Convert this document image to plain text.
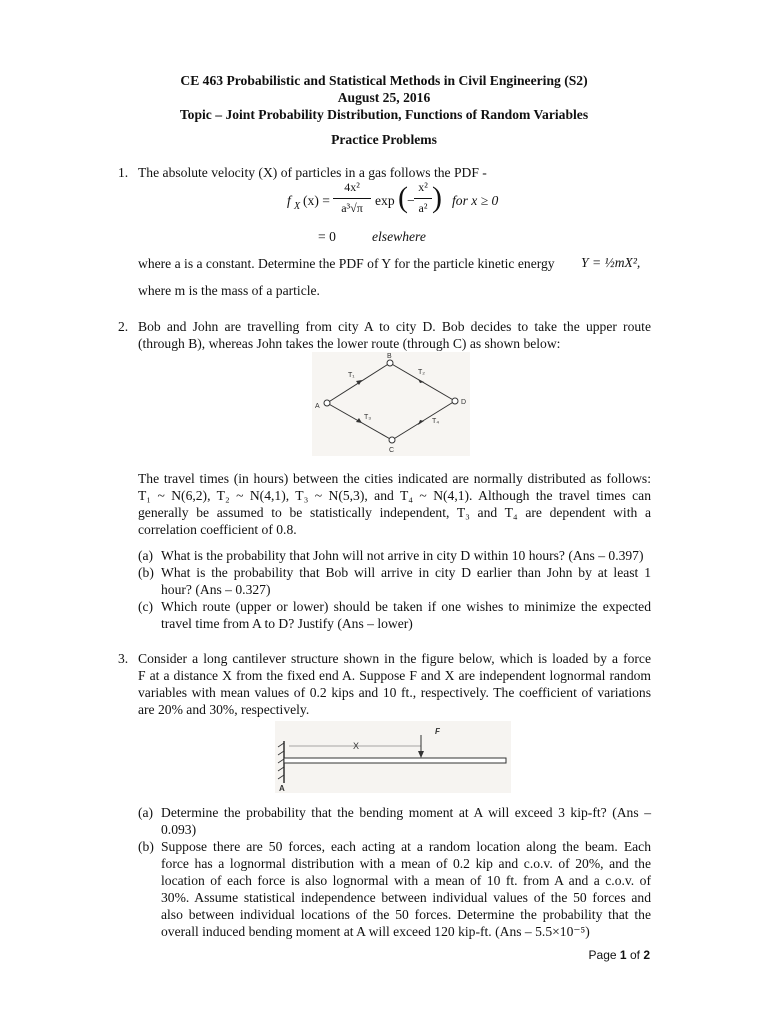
CE 463 Probabilistic and Statistical Methods in Civil Engineering (S2)
August 25, 2016
Topic – Joint Probability Distribution, Functions of Random Variables
Practice Problems
1. The absolute velocity (X) of particles in a gas follows the PDF -
f X (x) =
4x²
a³√π exp ( −
x²
a² ) for x ≥ 0
= 0	elsewhere
where a is a constant. Determine the PDF of Y for the particle kinetic energy Y = ½mX²,
where m is the mass of a particle.
2. Bob and John are travelling from city A to city D. Bob decides to take the upper route
(through B), whereas John takes the lower route (through C) as shown below:
A
B
C
D
T₁	T₂
T₃
T₄
The travel times (in hours) between the cities indicated are normally distributed as follows:
T₁ ~ N(6,2), T₂ ~ N(4,1), T₃ ~ N(5,3), and T₄ ~ N(4,1). Although the travel times can
generally be assumed to be statistically independent, T₃ and T₄ are dependent with a
correlation coefficient of 0.8.
(a) What is the probability that John will not arrive in city D within 10 hours? (Ans – 0.397)
(b) What is the probability that Bob will arrive in city D earlier than John by at least 1
hour? (Ans – 0.327)
(c) Which route (upper or lower) should be taken if one wishes to minimize the expected
travel time from A to D? Justify (Ans – lower)
3. Consider a long cantilever structure shown in the figure below, which is loaded by a force
F at a distance X from the fixed end A. Suppose F and X are independent lognormal random
variables with mean values of 0.2 kips and 10 ft., respectively. The coefficient of variations
are 20% and 30%, respectively.
X
F
A
(a) Determine the probability that the bending moment at A will exceed 3 kip-ft? (Ans –
0.093)
(b) Suppose there are 50 forces, each acting at a random location along the beam. Each
force has a lognormal distribution with a mean of 0.2 kip and c.o.v. of 20%, and the
location of each force is also lognormal with a mean of 10 ft. from A and a c.o.v. of
30%. Assume statistical independence between individual values of the 50 forces and
also between individual locations of the 50 forces. Determine the probability that the
overall induced bending moment at A will exceed 120 kip-ft. (Ans – 5.5×10⁻⁵)
Page 1 of 2
